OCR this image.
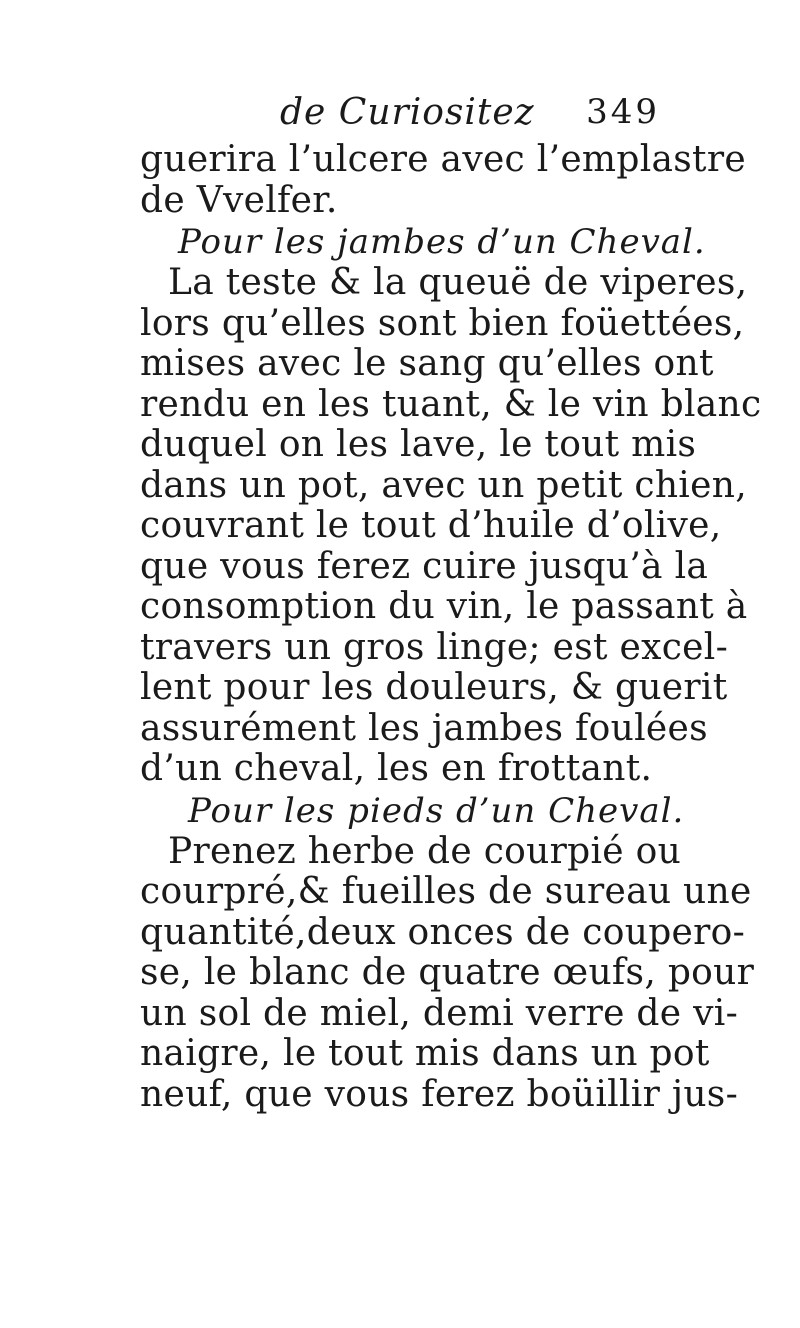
de Curiositez 349
guerira l’ulcere avec l’emplastre
de Vvelfer.
Pour les jambes d’un Cheval.
La teste & la queuë de viperes,
lors qu’elles sont bien foüettées,
mises avec le sang qu’elles ont
rendu en les tuant, & le vin blanc
duquel on les lave, le tout mis
dans un pot, avec un petit chien,
couvrant le tout d’huile d’olive,
que vous ferez cuire jusqu’à la
consomption du vin, le passant à
travers un gros linge; est excel-
lent pour les douleurs, & guerit
assurément les jambes foulées
d’un cheval, les en frottant.
Pour les pieds d’un Cheval.
Prenez herbe de courpié ou
courpré,& fueilles de sureau une
quantité,deux onces de coupero-
se, le blanc de quatre œufs, pour
un sol de miel, demi verre de vi-
naigre, le tout mis dans un pot
neuf, que vous ferez boüillir jus-
